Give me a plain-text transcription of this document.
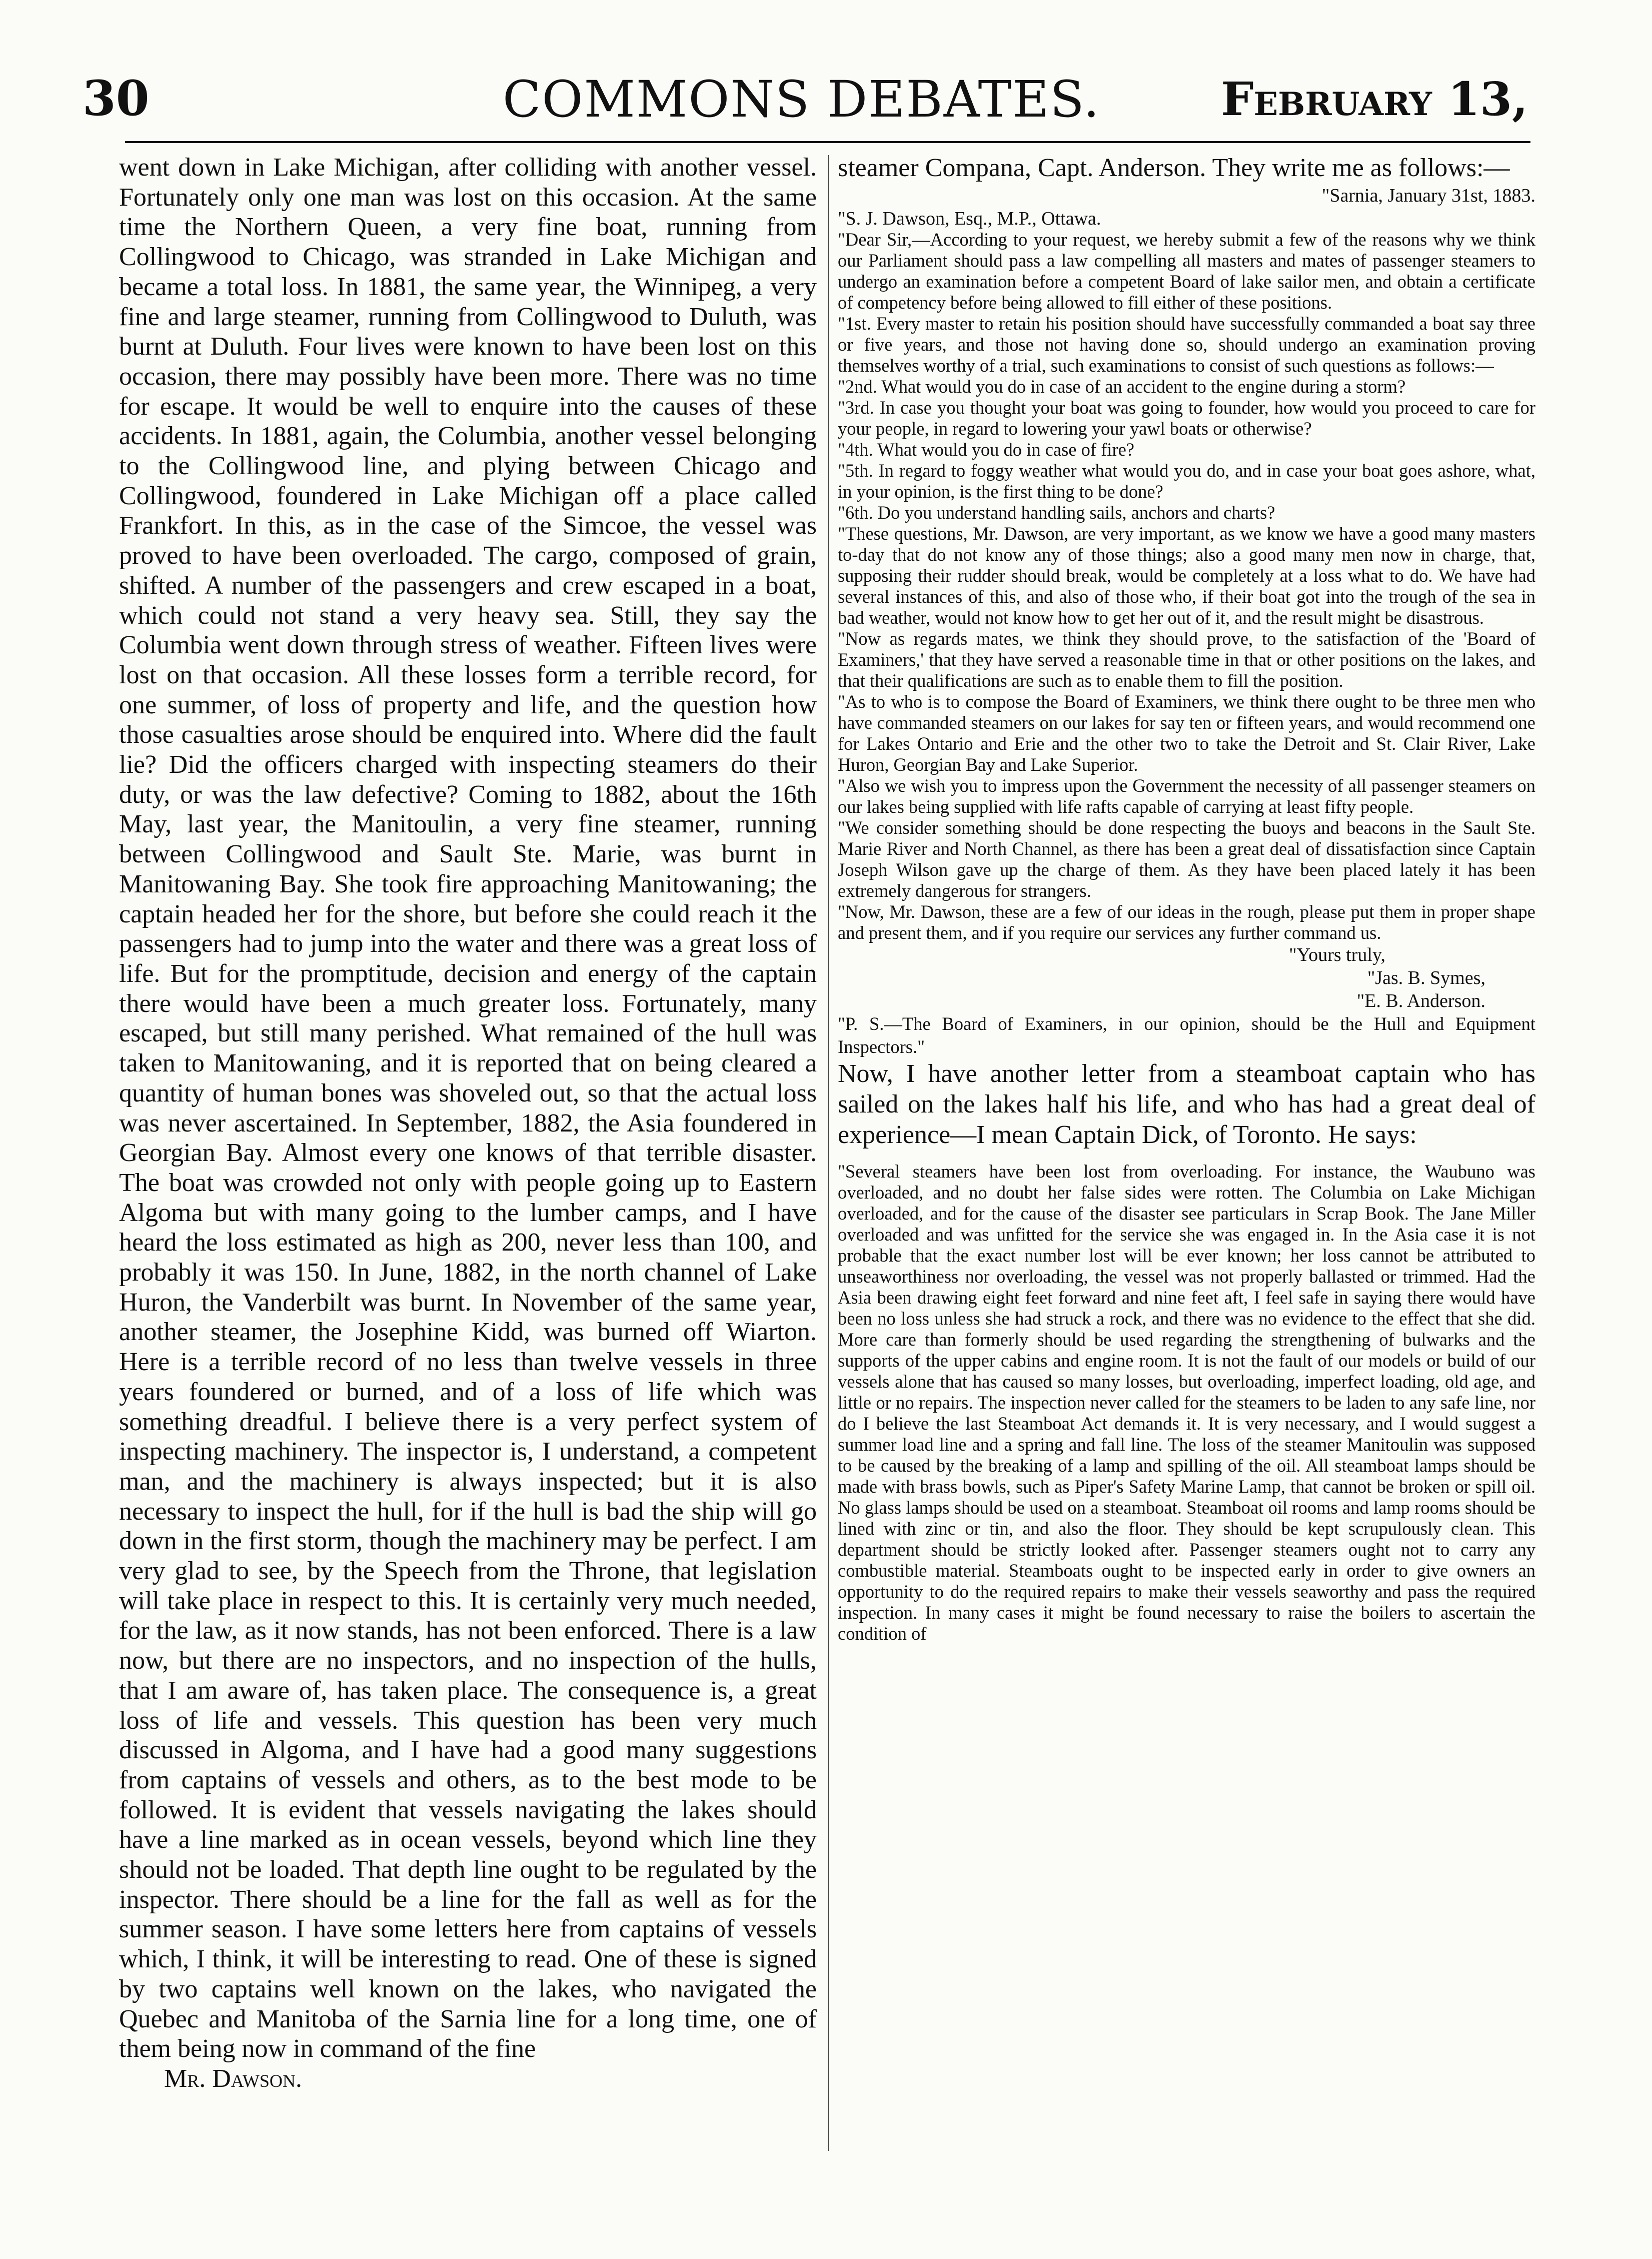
30	COMMONS DEBATES.	February 13,

went down in Lake Michigan, after colliding with another vessel. Fortunately only one man was lost on this occasion. At the same time the Northern Queen, a very fine boat, running from Collingwood to Chicago, was stranded in Lake Michigan and became a total loss. In 1881, the same year, the Winnipeg, a very fine and large steamer, running from Collingwood to Duluth, was burnt at Duluth. Four lives were known to have been lost on this occasion, there may possibly have been more. There was no time for escape. It would be well to enquire into the causes of these accidents. In 1881, again, the Columbia, another vessel belonging to the Collingwood line, and plying between Chicago and Collingwood, foundered in Lake Michigan off a place called Frankfort. In this, as in the case of the Simcoe, the vessel was proved to have been overloaded. The cargo, composed of grain, shifted. A number of the passengers and crew escaped in a boat, which could not stand a very heavy sea. Still, they say the Columbia went down through stress of weather. Fifteen lives were lost on that occasion. All these losses form a terrible record, for one summer, of loss of property and life, and the question how those casualties arose should be enquired into. Where did the fault lie? Did the officers charged with inspecting steamers do their duty, or was the law defective? Coming to 1882, about the 16th May, last year, the Manitoulin, a very fine steamer, running between Collingwood and Sault Ste. Marie, was burnt in Manitowaning Bay. She took fire approaching Manitowaning; the captain headed her for the shore, but before she could reach it the passengers had to jump into the water and there was a great loss of life. But for the promptitude, decision and energy of the captain there would have been a much greater loss. Fortunately, many escaped, but still many perished. What remained of the hull was taken to Manitowaning, and it is reported that on being cleared a quantity of human bones was shoveled out, so that the actual loss was never ascertained. In September, 1882, the Asia foundered in Georgian Bay. Almost every one knows of that terrible disaster. The boat was crowded not only with people going up to Eastern Algoma but with many going to the lumber camps, and I have heard the loss estimated as high as 200, never less than 100, and probably it was 150. In June, 1882, in the north channel of Lake Huron, the Vanderbilt was burnt. In November of the same year, another steamer, the Josephine Kidd, was burned off Wiarton. Here is a terrible record of no less than twelve vessels in three years foundered or burned, and of a loss of life which was something dreadful. I believe there is a very perfect system of inspecting machinery. The inspector is, I understand, a competent man, and the machinery is always inspected; but it is also necessary to inspect the hull, for if the hull is bad the ship will go down in the first storm, though the machinery may be perfect. I am very glad to see, by the Speech from the Throne, that legislation will take place in respect to this. It is certainly very much needed, for the law, as it now stands, has not been enforced. There is a law now, but there are no inspectors, and no inspection of the hulls, that I am aware of, has taken place. The consequence is, a great loss of life and vessels. This question has been very much discussed in Algoma, and I have had a good many suggestions from captains of vessels and others, as to the best mode to be followed. It is evident that vessels navigating the lakes should have a line marked as in ocean vessels, beyond which line they should not be loaded. That depth line ought to be regulated by the inspector. There should be a line for the fall as well as for the summer season. I have some letters here from captains of vessels which, I think, it will be interesting to read. One of these is signed by two captains well known on the lakes, who navigated the Quebec and Manitoba of the Sarnia line for a long time, one of them being now in command of the fine

Mr. Dawson.

steamer Compana, Capt. Anderson. They write me as follows:—

"Sarnia, January 31st, 1883.

"S. J. Dawson, Esq., M.P., Ottawa.

"Dear Sir,—According to your request, we hereby submit a few of the reasons why we think our Parliament should pass a law compelling all masters and mates of passenger steamers to undergo an examination before a competent Board of lake sailor men, and obtain a certificate of competency before being allowed to fill either of these positions.

"1st. Every master to retain his position should have successfully commanded a boat say three or five years, and those not having done so, should undergo an examination proving themselves worthy of a trial, such examinations to consist of such questions as follows:—

"2nd. What would you do in case of an accident to the engine during a storm?

"3rd. In case you thought your boat was going to founder, how would you proceed to care for your people, in regard to lowering your yawl boats or otherwise?

"4th. What would you do in case of fire?

"5th. In regard to foggy weather what would you do, and in case your boat goes ashore, what, in your opinion, is the first thing to be done?

"6th. Do you understand handling sails, anchors and charts?

"These questions, Mr. Dawson, are very important, as we know we have a good many masters to-day that do not know any of those things; also a good many men now in charge, that, supposing their rudder should break, would be completely at a loss what to do. We have had several instances of this, and also of those who, if their boat got into the trough of the sea in bad weather, would not know how to get her out of it, and the result might be disastrous.

"Now as regards mates, we think they should prove, to the satisfaction of the 'Board of Examiners,' that they have served a reasonable time in that or other positions on the lakes, and that their qualifications are such as to enable them to fill the position.

"As to who is to compose the Board of Examiners, we think there ought to be three men who have commanded steamers on our lakes for say ten or fifteen years, and would recommend one for Lakes Ontario and Erie and the other two to take the Detroit and St. Clair River, Lake Huron, Georgian Bay and Lake Superior.

"Also we wish you to impress upon the Government the necessity of all passenger steamers on our lakes being supplied with life rafts capable of carrying at least fifty people.

"We consider something should be done respecting the buoys and beacons in the Sault Ste. Marie River and North Channel, as there has been a great deal of dissatisfaction since Captain Joseph Wilson gave up the charge of them. As they have been placed lately it has been extremely dangerous for strangers.

"Now, Mr. Dawson, these are a few of our ideas in the rough, please put them in proper shape and present them, and if you require our services any further command us.

"Yours truly,
"Jas. B. Symes,
"E. B. Anderson.

"P. S.—The Board of Examiners, in our opinion, should be the Hull and Equipment Inspectors."

Now, I have another letter from a steamboat captain who has sailed on the lakes half his life, and who has had a great deal of experience—I mean Captain Dick, of Toronto. He says:

"Several steamers have been lost from overloading. For instance, the Waubuno was overloaded, and no doubt her false sides were rotten. The Columbia on Lake Michigan overloaded, and for the cause of the disaster see particulars in Scrap Book. The Jane Miller overloaded and was unfitted for the service she was engaged in. In the Asia case it is not probable that the exact number lost will be ever known; her loss cannot be attributed to unseaworthiness nor overloading, the vessel was not properly ballasted or trimmed. Had the Asia been drawing eight feet forward and nine feet aft, I feel safe in saying there would have been no loss unless she had struck a rock, and there was no evidence to the effect that she did. More care than formerly should be used regarding the strengthening of bulwarks and the supports of the upper cabins and engine room. It is not the fault of our models or build of our vessels alone that has caused so many losses, but overloading, imperfect loading, old age, and little or no repairs. The inspection never called for the steamers to be laden to any safe line, nor do I believe the last Steamboat Act demands it. It is very necessary, and I would suggest a summer load line and a spring and fall line. The loss of the steamer Manitoulin was supposed to be caused by the breaking of a lamp and spilling of the oil. All steamboat lamps should be made with brass bowls, such as Piper's Safety Marine Lamp, that cannot be broken or spill oil. No glass lamps should be used on a steamboat. Steamboat oil rooms and lamp rooms should be lined with zinc or tin, and also the floor. They should be kept scrupulously clean. This department should be strictly looked after. Passenger steamers ought not to carry any combustible material. Steamboats ought to be inspected early in order to give owners an opportunity to do the required repairs to make their vessels seaworthy and pass the required inspection. In many cases it might be found necessary to raise the boilers to ascertain the condition of
